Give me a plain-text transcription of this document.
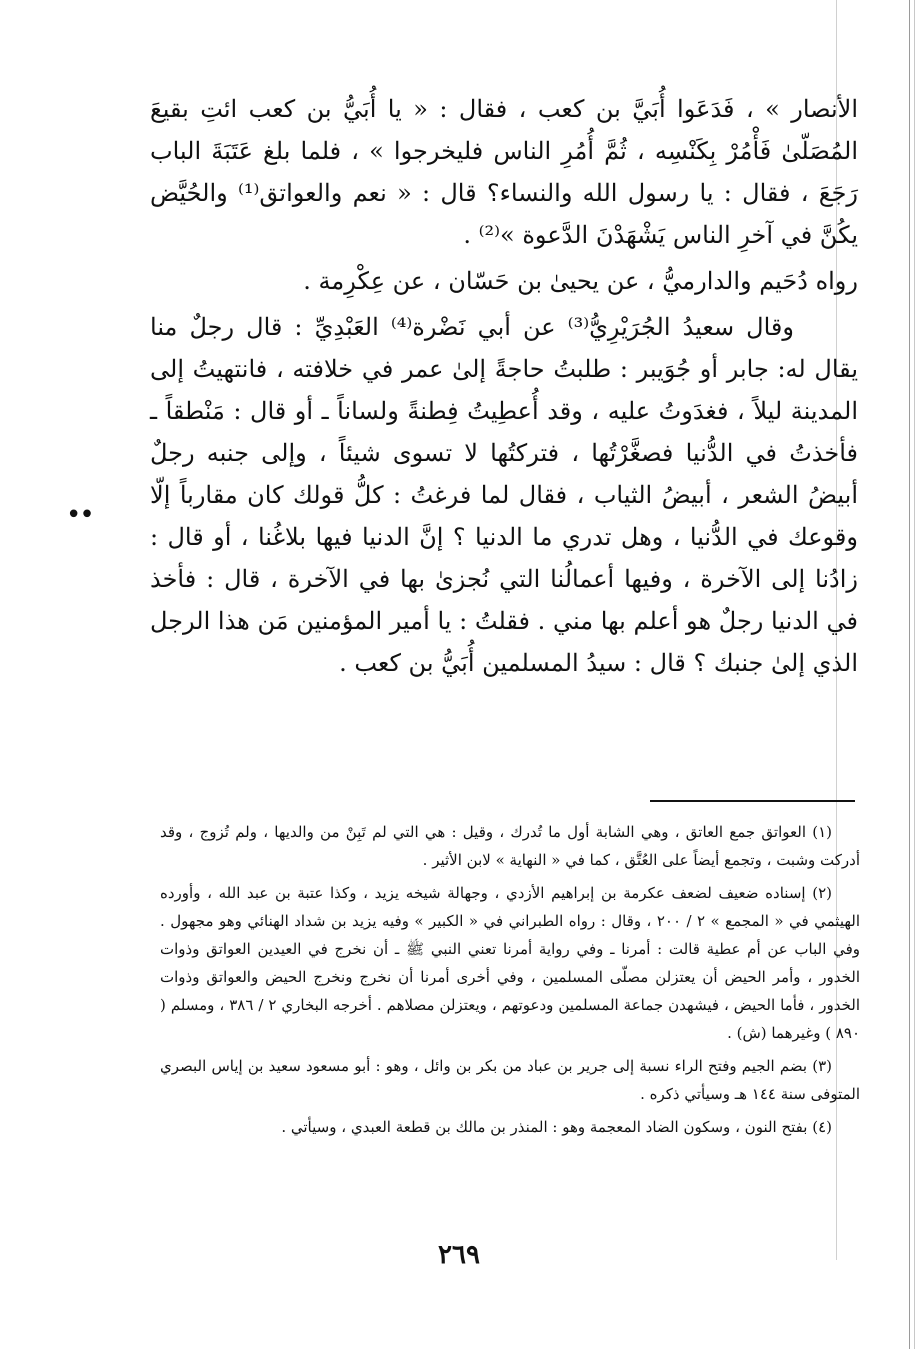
••

الأنصار » ، فَدَعَوا أُبَيَّ بن كعب ، فقال : « يا أُبَيُّ بن كعب ائتِ بقيعَ المُصَلّىٰ فَأْمُرْ بِكَنْسِه ، ثُمَّ أُمُرِ الناس فليخرجوا » ، فلما بلغ عَتَبَةَ الباب رَجَعَ ، فقال : يا رسول الله والنساء؟ قال : « نعم والعواتق⁽¹⁾ والحُيَّض يكُنَّ في آخرِ الناس يَشْهَدْنَ الدَّعوة »⁽²⁾ .

رواه دُحَيم والدارميُّ ، عن يحيىٰ بن حَسّان ، عن عِكْرِمة .

وقال سعيدُ الجُرَيْرِيُّ⁽³⁾ عن أبي نَضْرة⁽⁴⁾ العَبْدِيِّ : قال رجلٌ منا يقال له: جابر أو جُوَيبر : طلبتُ حاجةً إلىٰ عمر في خلافته ، فانتهيتُ إلى المدينة ليلاً ، فغدَوتُ عليه ، وقد أُعطِيتُ فِطنةً ولساناً ـ أو قال : مَنْطقاً ـ فأخذتُ في الدُّنيا فصغَّرْتُها ، فتركتُها لا تسوى شيئاً ، وإلى جنبه رجلٌ أبيضُ الشعر ، أبيضُ الثياب ، فقال لما فرغتُ : كلُّ قولك كان مقارباً إلّا وقوعك في الدُّنيا ، وهل تدري ما الدنيا ؟ إنَّ الدنيا فيها بلاغُنا ، أو قال : زادُنا إلى الآخرة ، وفيها أعمالُنا التي نُجزىٰ بها في الآخرة ، قال : فأخذ في الدنيا رجلٌ هو أعلم بها مني . فقلتُ : يا أمير المؤمنين مَن هذا الرجل الذي إلىٰ جنبك ؟ قال : سيدُ المسلمين أُبَيُّ بن كعب .

(١) العواتق جمع العاتق ، وهي الشابة أول ما تُدرك ، وقيل : هي التي لم تَبِنْ من والديها ، ولم تُزوج ، وقد أدركت وشبت ، وتجمع أيضاً على العُتَّق ، كما في « النهاية » لابن الأثير .

(٢) إسناده ضعيف لضعف عكرمة بن إبراهيم الأزدي ، وجهالة شيخه يزيد ، وكذا عتبة بن عبد الله ، وأورده الهيثمي في « المجمع » ٢ / ٢٠٠ ، وقال : رواه الطبراني في « الكبير » وفيه يزيد بن شداد الهنائي وهو مجهول . وفي الباب عن أم عطية قالت : أمرنا ـ وفي رواية أمرنا تعني النبي ﷺ ـ أن نخرج في العيدين العواتق وذوات الخدور ، وأمر الحيض أن يعتزلن مصلّى المسلمين ، وفي أخرى أمرنا أن نخرج ونخرج الحيض والعواتق وذوات الخدور ، فأما الحيض ، فيشهدن جماعة المسلمين ودعوتهم ، ويعتزلن مصلاهم . أخرجه البخاري ٢ / ٣٨٦ ، ومسلم ( ٨٩٠ ) وغيرهما (ش) .

(٣) بضم الجيم وفتح الراء نسبة إلى جرير بن عباد من بكر بن وائل ، وهو : أبو مسعود سعيد بن إياس البصري المتوفى سنة ١٤٤ هـ وسيأتي ذكره .

(٤) بفتح النون ، وسكون الضاد المعجمة وهو : المنذر بن مالك بن قطعة العبدي ، وسيأتي .

٢٦٩
